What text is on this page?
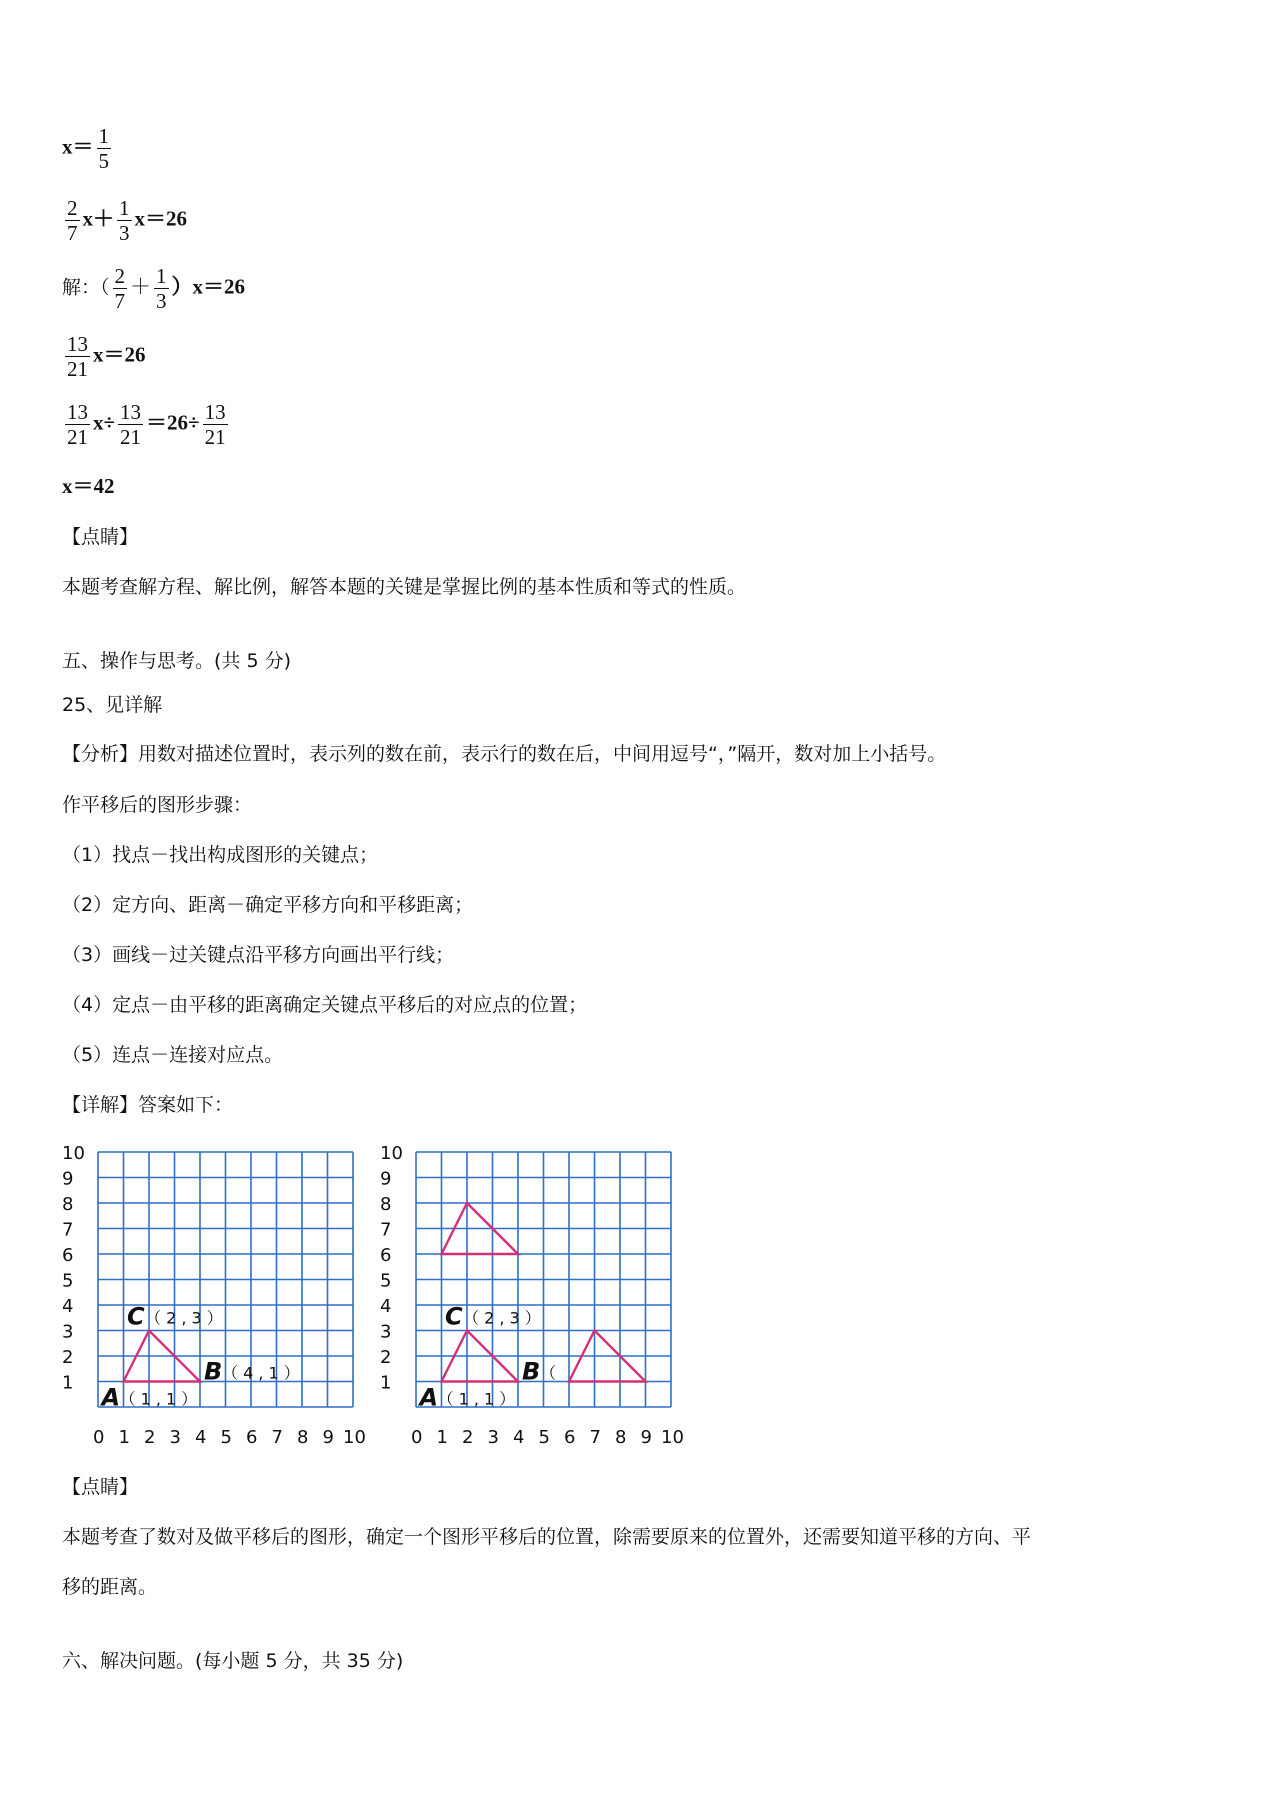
$x= \frac{1}{5}$
$\frac{2}{7} x+ \frac{1}{3} x=26$
解：（ $\frac{2}{7} + \frac{1}{3} )x=26$
$\frac{13}{21} x=26$
$\frac{13}{21} x\div \frac{13}{21} =26\div \frac{13}{21}$
x＝42
【点睛】
本题考查解方程、解比例，解答本题的关键是掌握比例的基本性质和等式的性质。
五、操作与思考。(共 5 分)
25、见详解
【分析】用数对描述位置时，表示列的数在前，表示行的数在后，中间用逗号“，”隔开，数对加上小括号。
作平移后的图形步骤：
（1）找点－找出构成图形的关键点；
（2）定方向、距离－确定平移方向和平移距离；
（3）画线－过关键点沿平移方向画出平行线；
（4）定点－由平移的距离确定关键点平移后的对应点的位置；
（5）连点－连接对应点。
【详解】答案如下：
1
2
3
4
5
6
7
8
9
10
0 1 2 3 4 5 6 7 8 9 10
C （ 2 , 3 ）
B （ 4 , 1 ）
A （ 1 , 1 ）
1
2
3
4
5
6
7
8
9
10
0 1 2 3 4 5 6 7 8 9 10
C （ 2 , 3 ）
B （
A （ 1 , 1 ）
【点睛】
本题考查了数对及做平移后的图形，确定一个图形平移后的位置，除需要原来的位置外，还需要知道平移的方向、平
移的距离。
六、解决问题。(每小题 5 分，共 35 分)
